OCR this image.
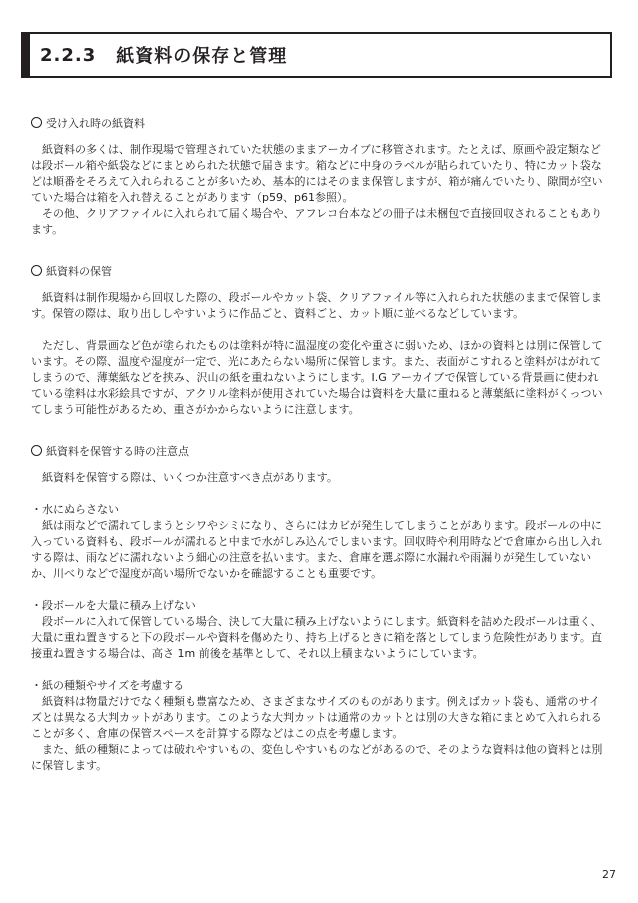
2.2.3 紙資料の保存と管理
受け入れ時の紙資料

　紙資料の多くは、制作現場で管理されていた状態のままアーカイブに移管されます。たとえば、原画や設定類などは段ボール箱や紙袋などにまとめられた状態で届きます。箱などに中身のラベルが貼られていたり、特にカット袋などは順番をそろえて入れられることが多いため、基本的にはそのまま保管しますが、箱が痛んでいたり、隙間が空いていた場合は箱を入れ替えることがあります（p59、p61参照）。

　その他、クリアファイルに入れられて届く場合や、アフレコ台本などの冊子は未梱包で直接回収されることもあります。

紙資料の保管

　紙資料は制作現場から回収した際の、段ボールやカット袋、クリアファイル等に入れられた状態のままで保管します。保管の際は、取り出ししやすいように作品ごと、資料ごと、カット順に並べるなどしています。

　ただし、背景画など色が塗られたものは塗料が特に温湿度の変化や重さに弱いため、ほかの資料とは別に保管しています。その際、温度や湿度が一定で、光にあたらない場所に保管します。また、表面がこすれると塗料がはがれてしまうので、薄葉紙などを挟み、沢山の紙を重ねないようにします。I.G アーカイブで保管している背景画に使われている塗料は水彩絵具ですが、アクリル塗料が使用されていた場合は資料を大量に重ねると薄葉紙に塗料がくっついてしまう可能性があるため、重さがかからないように注意します。

紙資料を保管する時の注意点

　紙資料を保管する際は、いくつか注意すべき点があります。

・水にぬらさない

　紙は雨などで濡れてしまうとシワやシミになり、さらにはカビが発生してしまうことがあります。段ボールの中に入っている資料も、段ボールが濡れると中まで水がしみ込んでしまいます。回収時や利用時などで倉庫から出し入れする際は、雨などに濡れないよう細心の注意を払います。また、倉庫を選ぶ際に水漏れや雨漏りが発生していないか、川べりなどで湿度が高い場所でないかを確認することも重要です。

・段ボールを大量に積み上げない

　段ボールに入れて保管している場合、決して大量に積み上げないようにします。紙資料を詰めた段ボールは重く、大量に重ね置きすると下の段ボールや資料を傷めたり、持ち上げるときに箱を落としてしまう危険性があります。直接重ね置きする場合は、高さ 1m 前後を基準として、それ以上積まないようにしています。

・紙の種類やサイズを考慮する

　紙資料は物量だけでなく種類も豊富なため、さまざまなサイズのものがあります。例えばカット袋も、通常のサイズとは異なる大判カットがあります。このような大判カットは通常のカットとは別の大きな箱にまとめて入れられることが多く、倉庫の保管スペースを計算する際などはこの点を考慮します。

　また、紙の種類によっては破れやすいもの、変色しやすいものなどがあるので、そのような資料は他の資料とは別に保管します。

27
